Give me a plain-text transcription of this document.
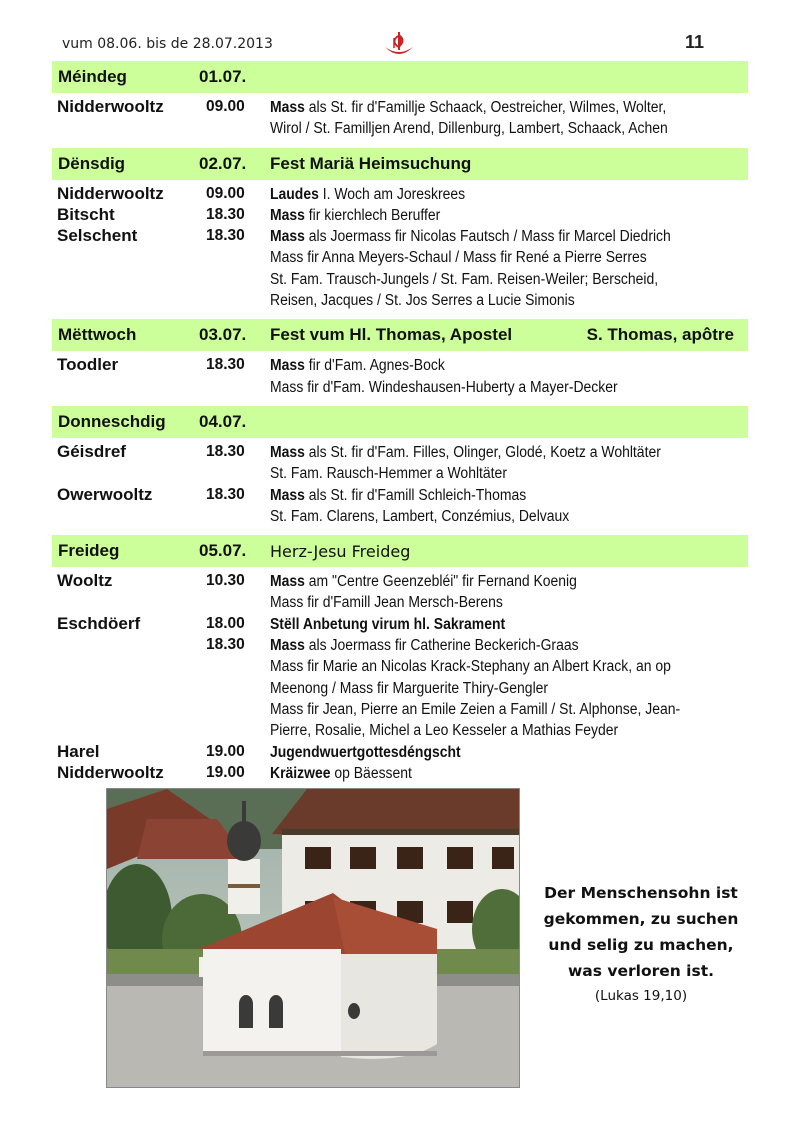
vum 08.06. bis de 28.07.2013	11
Méindeg	01.07.
Nidderwooltz	09.00 Mass als St. fir d'Famillje Schaack, Oestreicher, Wilmes, Wolter,
Wirol / St. Familljen Arend, Dillenburg, Lambert, Schaack, Achen
Dënsdig	02.07. Fest Mariä Heimsuchung
Nidderwooltz	09.00 Laudes I. Woch am Joreskrees
Bitscht	18.30 Mass fir kierchlech Beruffer
Selschent	18.30 Mass als Joermass fir Nicolas Fautsch / Mass fir Marcel Diedrich
Mass fir Anna Meyers-Schaul / Mass fir René a Pierre Serres
St. Fam. Trausch-Jungels / St. Fam. Reisen-Weiler; Berscheid,
Reisen, Jacques / St. Jos Serres a Lucie Simonis
Mëttwoch	03.07. Fest vum Hl. Thomas, Apostel	S. Thomas, apôtre
Toodler	18.30 Mass fir d'Fam. Agnes-Bock
Mass fir d'Fam. Windeshausen-Huberty a Mayer-Decker
Donneschdig 04.07.
Géisdref	18.30 Mass als St. fir d'Fam. Filles, Olinger, Glodé, Koetz a Wohltäter
St. Fam. Rausch-Hemmer a Wohltäter
Owerwooltz	18.30 Mass als St. fir d'Famill Schleich-Thomas
St. Fam. Clarens, Lambert, Conzémius, Delvaux
Freideg	05.07. Herz-Jesu Freideg
Wooltz	10.30 Mass am "Centre Geenzebléi" fir Fernand Koenig
Mass fir d'Famill Jean Mersch-Berens
Eschdöerf	18.00 Stëll Anbetung virum hl. Sakrament
18.30 Mass als Joermass fir Catherine Beckerich-Graas
Mass fir Marie an Nicolas Krack-Stephany an Albert Krack, an op
Meenong / Mass fir Marguerite Thiry-Gengler
Mass fir Jean, Pierre an Emile Zeien a Famill / St. Alphonse, Jean-
Pierre, Rosalie, Michel a Leo Kesseler a Mathias Feyder
Harel	19.00 Jugendwuertgottesdéngscht
Nidderwooltz	19.00 Kräizwee op Bäessent
Der Menschensohn ist
gekommen, zu suchen
und selig zu machen,
was verloren ist.
(Lukas 19,10)
